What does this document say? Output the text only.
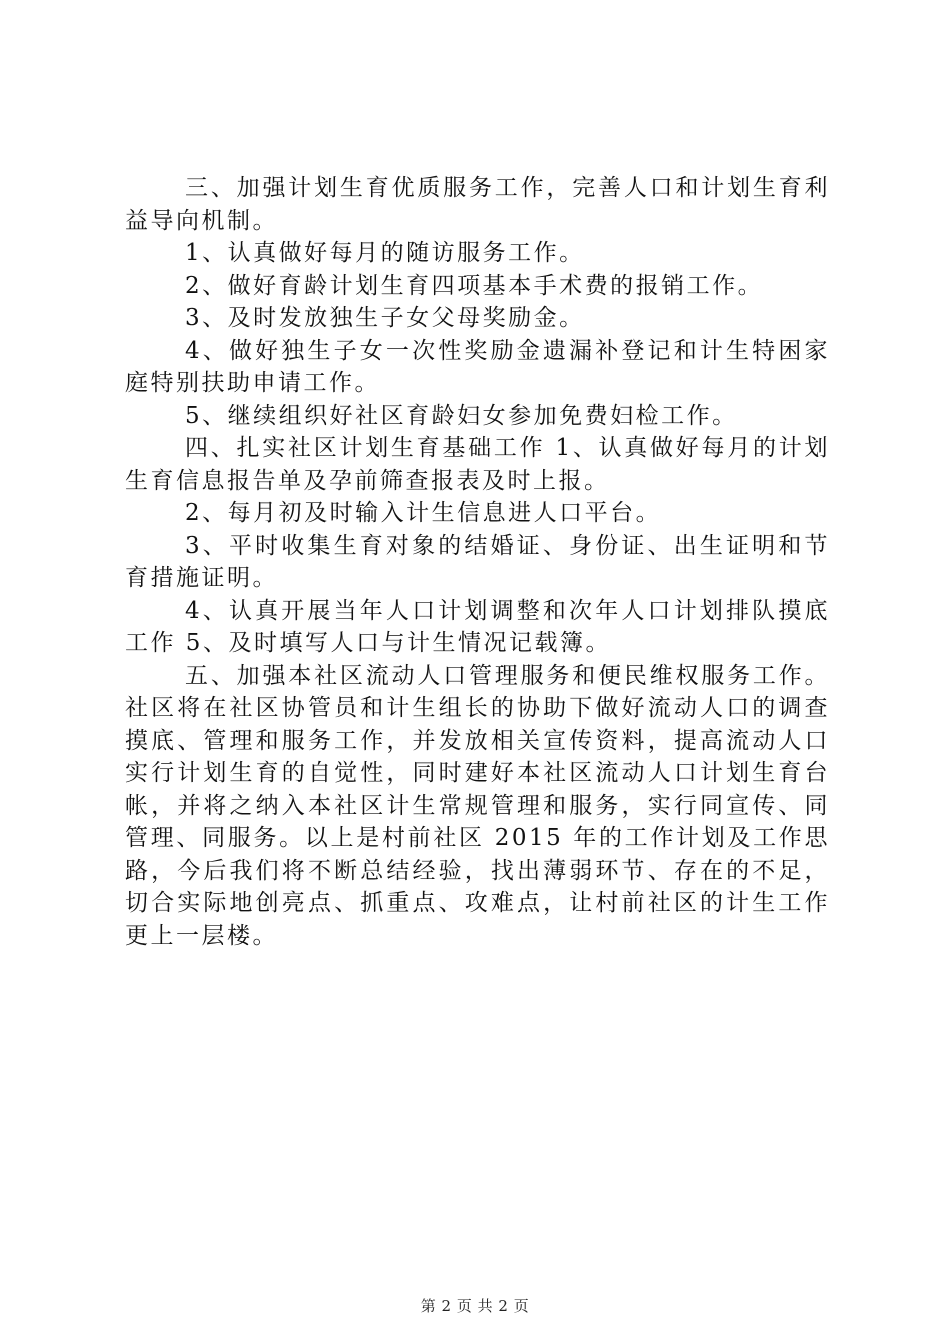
三、加强计划生育优质服务工作，完善人口和计划生育利益导向机制。

1、认真做好每月的随访服务工作。

2、做好育龄计划生育四项基本手术费的报销工作。

3、及时发放独生子女父母奖励金。

4、做好独生子女一次性奖励金遗漏补登记和计生特困家庭特别扶助申请工作。

5、继续组织好社区育龄妇女参加免费妇检工作。

四、扎实社区计划生育基础工作 1、认真做好每月的计划生育信息报告单及孕前筛查报表及时上报。

2、每月初及时输入计生信息进人口平台。

3、平时收集生育对象的结婚证、身份证、出生证明和节育措施证明。

4、认真开展当年人口计划调整和次年人口计划排队摸底工作 5、及时填写人口与计生情况记载簿。

五、加强本社区流动人口管理服务和便民维权服务工作。社区将在社区协管员和计生组长的协助下做好流动人口的调查摸底、管理和服务工作，并发放相关宣传资料，提高流动人口实行计划生育的自觉性，同时建好本社区流动人口计划生育台帐，并将之纳入本社区计生常规管理和服务，实行同宣传、同管理、同服务。以上是村前社区 2015 年的工作计划及工作思路，今后我们将不断总结经验，找出薄弱环节、存在的不足，切合实际地创亮点、抓重点、攻难点，让村前社区的计生工作更上一层楼。

第 2 页 共 2 页
